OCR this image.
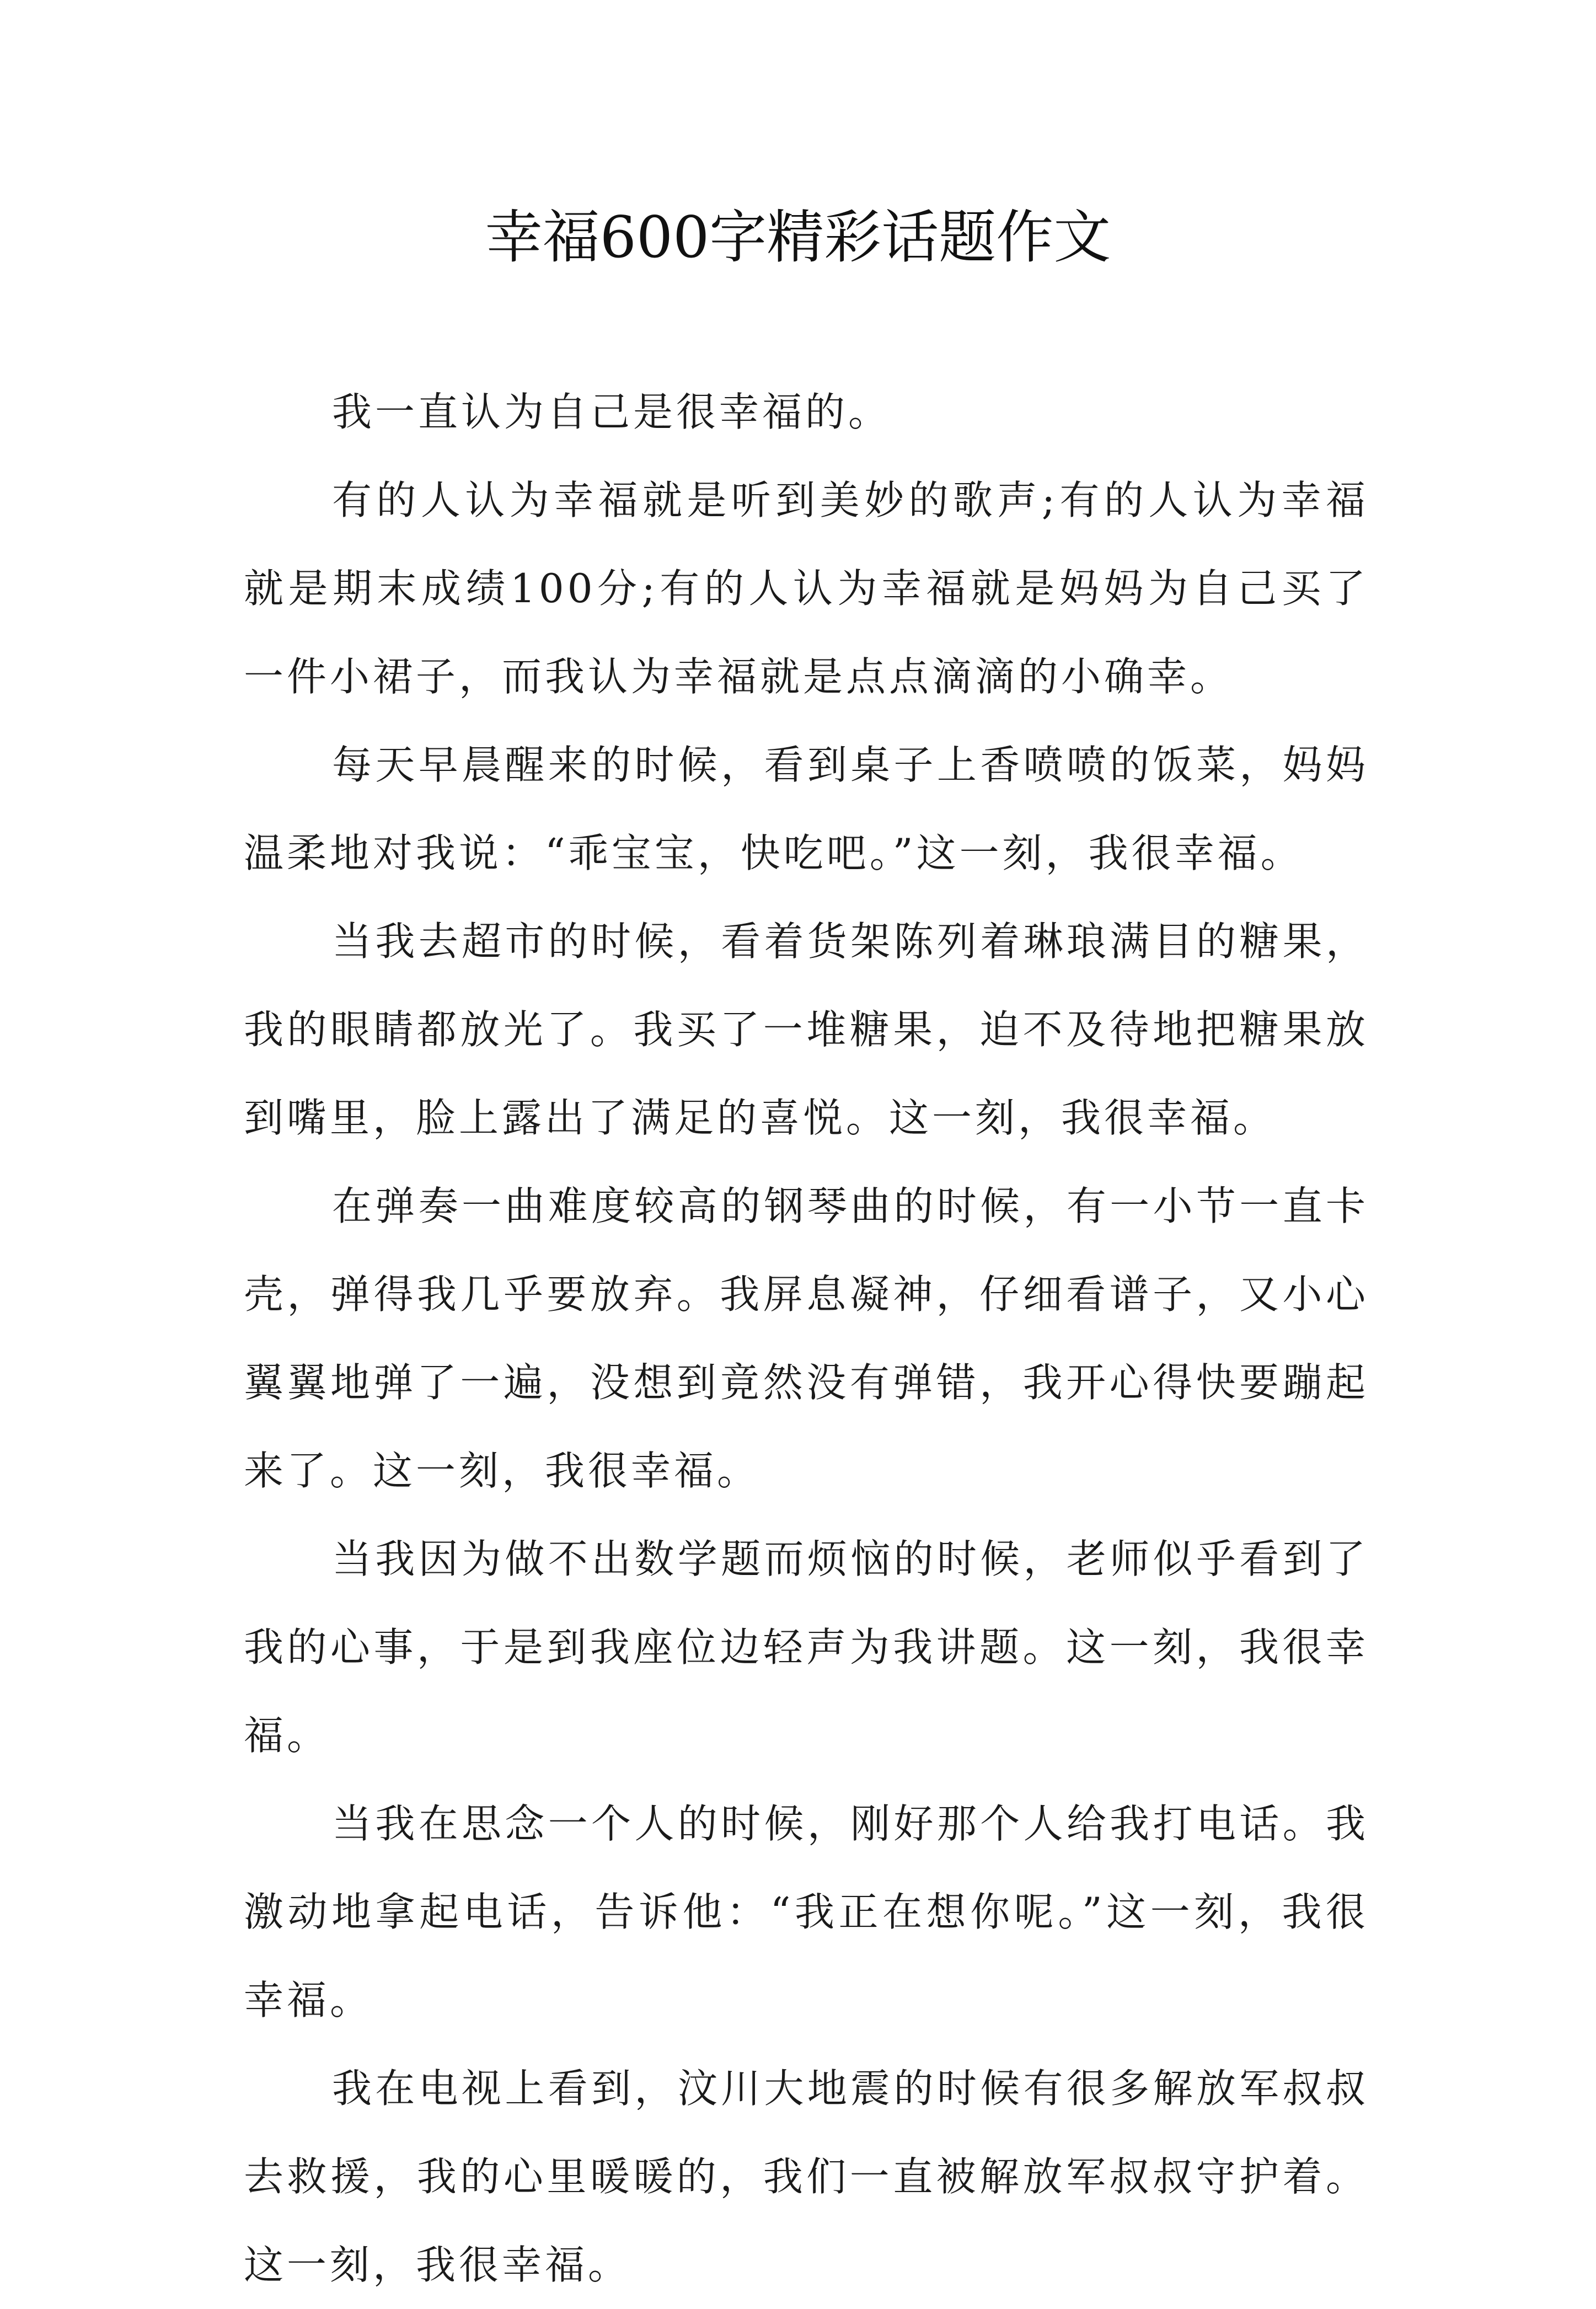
幸福600字精彩话题作文

我一直认为自己是很幸福的。

有的人认为幸福就是听到美妙的歌声;有的人认为幸福就是期末成绩100分;有的人认为幸福就是妈妈为自己买了一件小裙子，而我认为幸福就是点点滴滴的小确幸。

每天早晨醒来的时候，看到桌子上香喷喷的饭菜，妈妈温柔地对我说：“乖宝宝，快吃吧。”这一刻，我很幸福。

当我去超市的时候，看着货架陈列着琳琅满目的糖果，我的眼睛都放光了。我买了一堆糖果，迫不及待地把糖果放到嘴里，脸上露出了满足的喜悦。这一刻，我很幸福。

在弹奏一曲难度较高的钢琴曲的时候，有一小节一直卡壳，弹得我几乎要放弃。我屏息凝神，仔细看谱子，又小心翼翼地弹了一遍，没想到竟然没有弹错，我开心得快要蹦起来了。这一刻，我很幸福。

当我因为做不出数学题而烦恼的时候，老师似乎看到了我的心事，于是到我座位边轻声为我讲题。这一刻，我很幸福。

当我在思念一个人的时候，刚好那个人给我打电话。我激动地拿起电话，告诉他：“我正在想你呢。”这一刻，我很幸福。

我在电视上看到，汶川大地震的时候有很多解放军叔叔去救援，我的心里暖暖的，我们一直被解放军叔叔守护着。这一刻，我很幸福。
